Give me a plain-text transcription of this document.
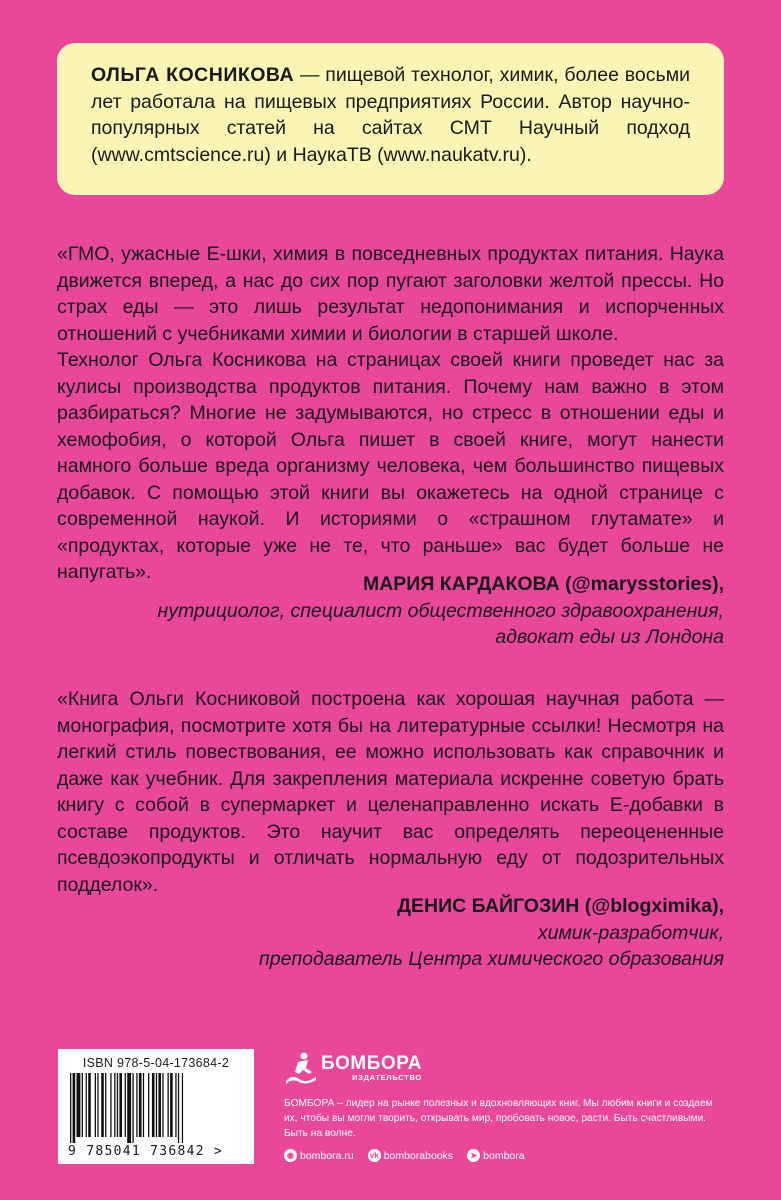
ОЛЬГА КОСНИКОВА — пищевой технолог, химик, более восьми лет работала на пищевых предприятиях России. Автор научно-популярных статей на сайтах СМТ Научный подход (www.cmtscience.ru) и НаукаТВ (www.naukatv.ru).

«ГМО, ужасные Е-шки, химия в повседневных продуктах питания. Наука движется вперед, а нас до сих пор пугают заголовки желтой прессы. Но страх еды — это лишь результат недопонимания и испорченных отношений с учебниками химии и биологии в старшей школе.

Технолог Ольга Косникова на страницах своей книги проведет нас за кулисы производства продуктов питания. Почему нам важно в этом разбираться? Многие не задумываются, но стресс в отношении еды и хемофобия, о которой Ольга пишет в своей книге, могут нанести намного больше вреда организму человека, чем большинство пищевых добавок. С помощью этой книги вы окажетесь на одной странице с современной наукой. И историями о «страшном глутамате» и «продуктах, которые уже не те, что раньше» вас будет больше не напугать».

МАРИЯ КАРДАКОВА (@marysstories),
нутрициолог, специалист общественного здравоохранения,
адвокат еды из Лондона

«Книга Ольги Косниковой построена как хорошая научная работа — монография, посмотрите хотя бы на литературные ссылки! Несмотря на легкий стиль повествования, ее можно использовать как справочник и даже как учебник. Для закрепления материала искренне советую брать книгу с собой в супермаркет и целенаправленно искать Е-добавки в составе продуктов. Это научит вас определять переоцененные псевдоэкопродукты и отличать нормальную еду от подозрительных подделок».

ДЕНИС БАЙГОЗИН (@blogximika),
химик-разработчик,
преподаватель Центра химического образования
ISBN 978-5-04-173684-2
9 785041 736842 >
БОМБОРА
ИЗДАТЕЛЬСТВО
БОМБОРА – лидер на рынке полезных и вдохновляющих книг. Мы любим книги и создаем их, чтобы вы могли творить, открывать мир, пробовать новое, расти. Быть счастливыми. Быть на волне.
◉ bombora.ru vk bomborabooks	➤ bombora
